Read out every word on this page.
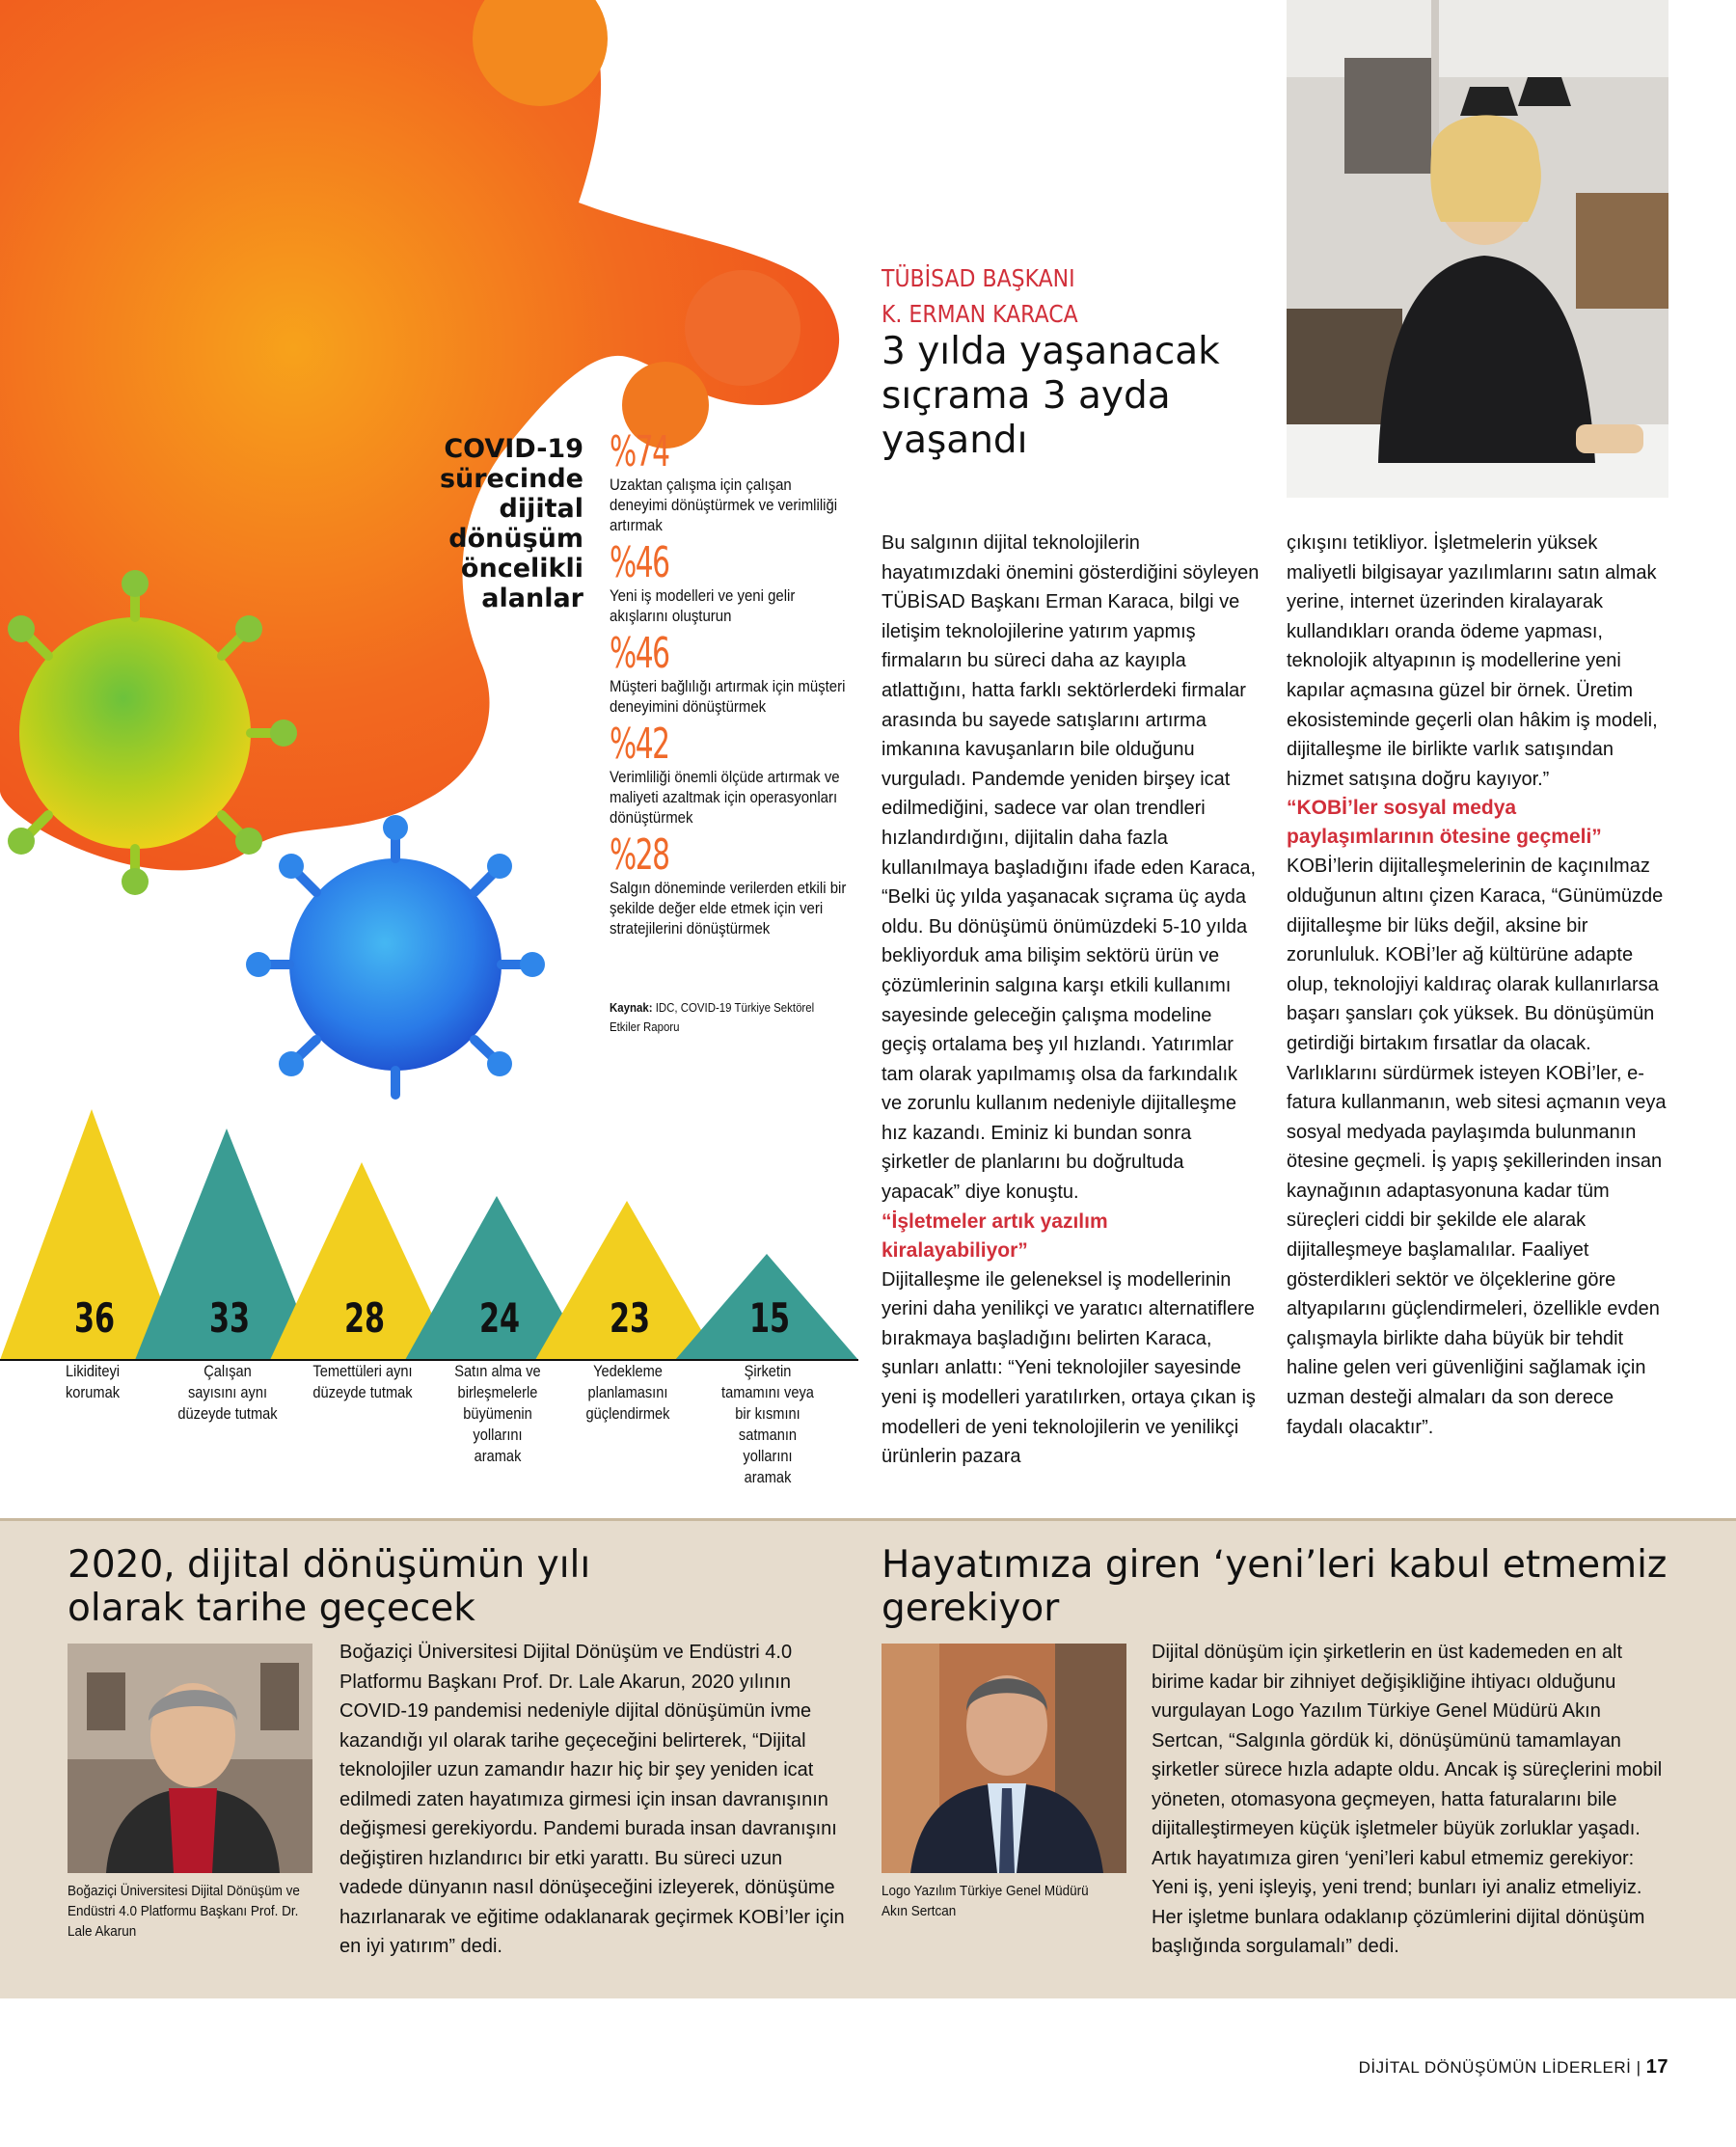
COVID-19
sürecinde
dijital
dönüşüm
öncelikli
alanlar
%74
Uzaktan çalışma için çalışan deneyimi dönüştürmek ve verimliliği artırmak
%46
Yeni iş modelleri ve yeni gelir akışlarını oluşturun
%46
Müşteri bağlılığı artırmak için müşteri deneyimini dönüştürmek
%42
Verimliliği önemli ölçüde artırmak ve maliyeti azaltmak için operasyonları dönüştürmek
%28
Salgın döneminde verilerden etkili bir şekilde değer elde etmek için veri stratejilerini dönüştürmek
Kaynak: IDC, COVID-19 Türkiye Sektörel Etkiler Raporu
36	33	28	24	23	15
Likiditeyi korumak
Çalışan sayısını aynı düzeyde tutmak
Temettüleri aynı düzeyde tutmak
Satın alma ve birleşmelerle büyümenin yollarını aramak
Yedekleme planlamasını güçlendirmek
Şirketin tamamını veya bir kısmını satmanın yollarını aramak
TÜBİSAD BAŞKANI
K. ERMAN KARACA
3 yılda yaşanacak sıçrama 3 ayda yaşandı

Bu salgının dijital teknolojilerin hayatımızdaki önemini gösterdiğini söyleyen TÜBİSAD Başkanı Erman Karaca, bilgi ve iletişim teknolojilerine yatırım yapmış firmaların bu süreci daha az kayıpla atlattığını, hatta farklı sektörlerdeki firmalar arasında bu sayede satışlarını artırma imkanına kavuşanların bile olduğunu vurguladı. Pandemde yeniden birşey icat edilmediğini, sadece var olan trendleri hızlandırdığını, dijitalin daha fazla kullanılmaya başladığını ifade eden Karaca, “Belki üç yılda yaşanacak sıçrama üç ayda oldu. Bu dönüşümü önümüzdeki 5-10 yılda bekliyorduk ama bilişim sektörü ürün ve çözümlerinin salgına karşı etkili kullanımı sayesinde geleceğin çalışma modeline geçiş ortalama beş yıl hızlandı. Yatırımlar tam olarak yapılmamış olsa da farkındalık ve zorunlu kullanım nedeniyle dijitalleşme hız kazandı. Eminiz ki bundan sonra şirketler de planlarını bu doğrultuda yapacak” diye konuştu.

“İşletmeler artık yazılım kiralayabiliyor”

Dijitalleşme ile geleneksel iş modellerinin yerini daha yenilikçi ve yaratıcı alternatiflere bırakmaya başladığını belirten Karaca, şunları anlattı: “Yeni teknolojiler sayesinde yeni iş modelleri yaratılırken, ortaya çıkan iş modelleri de yeni teknolojilerin ve yenilikçi ürünlerin pazara

çıkışını tetikliyor. İşletmelerin yüksek maliyetli bilgisayar yazılımlarını satın almak yerine, internet üzerinden kiralayarak kullandıkları oranda ödeme yapması, teknolojik altyapının iş modellerine yeni kapılar açmasına güzel bir örnek. Üretim ekosisteminde geçerli olan hâkim iş modeli, dijitalleşme ile birlikte varlık satışından hizmet satışına doğru kayıyor.”

“KOBİ’ler sosyal medya paylaşımlarının ötesine geçmeli”

KOBİ’lerin dijitalleşmelerinin de kaçınılmaz olduğunun altını çizen Karaca, “Günümüzde dijitalleşme bir lüks değil, aksine bir zorunluluk. KOBİ’ler ağ kültürüne adapte olup, teknolojiyi kaldıraç olarak kullanırlarsa başarı şansları çok yüksek. Bu dönüşümün getirdiği birtakım fırsatlar da olacak. Varlıklarını sürdürmek isteyen KOBİ’ler, e-fatura kullanmanın, web sitesi açmanın veya sosyal medyada paylaşımda bulunmanın ötesine geçmeli. İş yapış şekillerinden insan kaynağının adaptasyonuna kadar tüm süreçleri ciddi bir şekilde ele alarak dijitalleşmeye başlamalılar. Faaliyet gösterdikleri sektör ve ölçeklerine göre altyapılarını güçlendirmeleri, özellikle evden çalışmayla birlikte daha büyük bir tehdit haline gelen veri güvenliğini sağlamak için uzman desteği almaları da son derece faydalı olacaktır”.

2020, dijital dönüşümün yılı olarak tarihe geçecek
Boğaziçi Üniversitesi Dijital Dönüşüm ve Endüstri 4.0 Platformu Başkanı Prof. Dr. Lale Akarun
Boğaziçi Üniversitesi Dijital Dönüşüm ve Endüstri 4.0 Platformu Başkanı Prof. Dr. Lale Akarun, 2020 yılının COVID-19 pandemisi nedeniyle dijital dönüşümün ivme kazandığı yıl olarak tarihe geçeceğini belirterek, “Dijital teknolojiler uzun zamandır hazır hiç bir şey yeniden icat edilmedi zaten hayatımıza girmesi için insan davranışının değişmesi gerekiyordu. Pandemi burada insan davranışını değiştiren hızlandırıcı bir etki yarattı. Bu süreci uzun vadede dünyanın nasıl dönüşeceğini izleyerek, dönüşüme hazırlanarak ve eğitime odaklanarak geçirmek KOBİ’ler için en iyi yatırım” dedi.
Hayatımıza giren ‘yeni’leri kabul etmemiz gerekiyor
Logo Yazılım Türkiye Genel Müdürü Akın Sertcan
Dijital dönüşüm için şirketlerin en üst kademeden en alt birime kadar bir zihniyet değişikliğine ihtiyacı olduğunu vurgulayan Logo Yazılım Türkiye Genel Müdürü Akın Sertcan, “Salgınla gördük ki, dönüşümünü tamamlayan şirketler sürece hızla adapte oldu. Ancak iş süreçlerini mobil yöneten, otomasyona geçmeyen, hatta faturalarını bile dijitalleştirmeyen küçük işletmeler büyük zorluklar yaşadı. Artık hayatımıza giren ‘yeni’leri kabul etmemiz gerekiyor: Yeni iş, yeni işleyiş, yeni trend; bunları iyi analiz etmeliyiz. Her işletme bunlara odaklanıp çözümlerini dijital dönüşüm başlığında sorgulamalı” dedi.
DİJİTAL DÖNÜŞÜMÜN LİDERLERİ | 17
